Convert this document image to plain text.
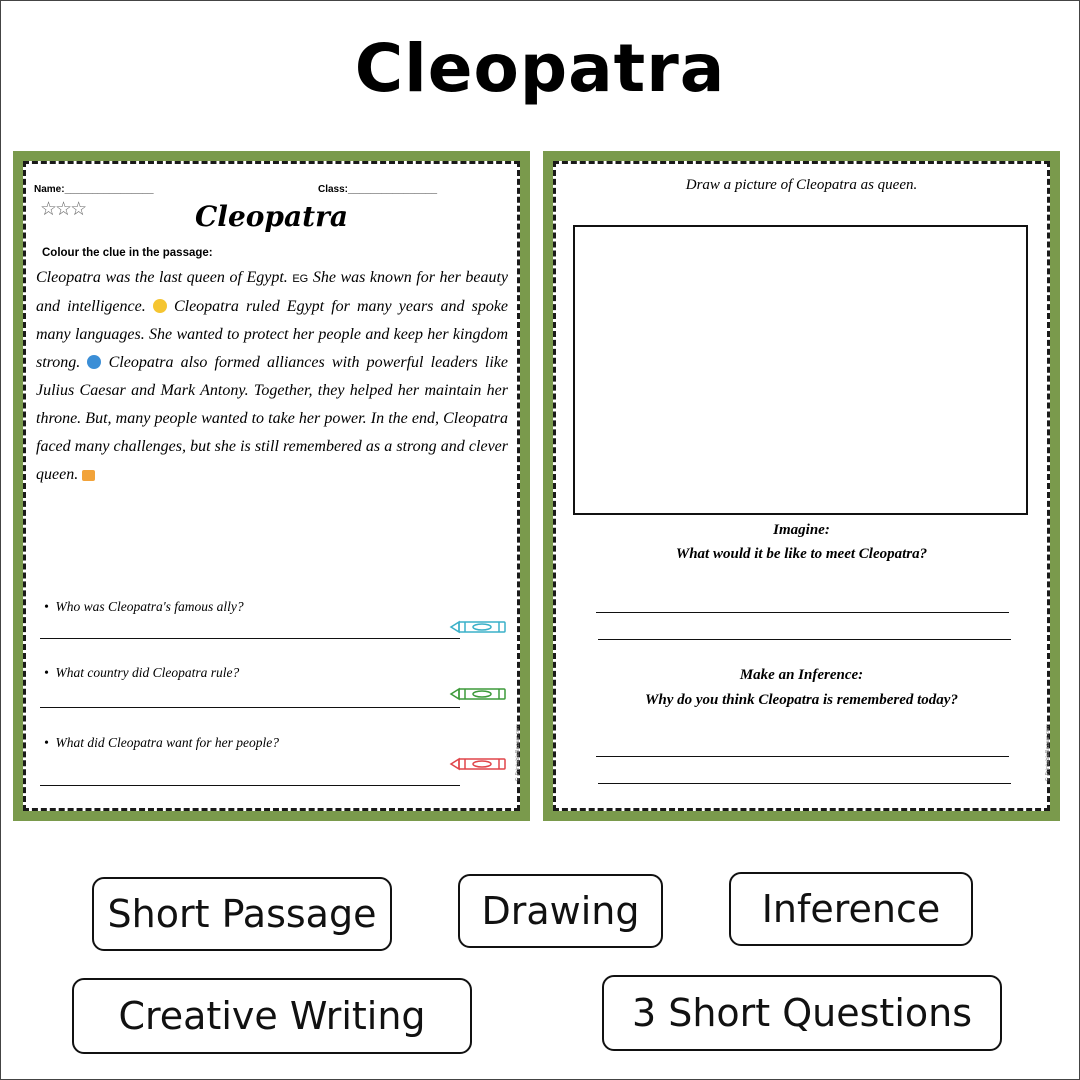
Cleopatra
Name:________________	Class:________________
☆☆☆	Cleopatra
Colour the clue in the passage:
Cleopatra was the last queen of Egypt. EG She was known for her beauty and intelligence. Cleopatra ruled Egypt for many years and spoke many languages. She wanted to protect her people and keep her kingdom strong. Cleopatra also formed alliances with powerful leaders like Julius Caesar and Mark Antony. Together, they helped her maintain her throne. But, many people wanted to take her power. In the end, Cleopatra faced many challenges, but she is still remembered as a strong and clever queen.
•  Who was Cleopatra's famous ally?
•  What country did Cleopatra rule?
•  What did Cleopatra want for her people?	© PrintableBazaar.com
Draw a picture of Cleopatra as queen.
Imagine:
What would it be like to meet Cleopatra?
Make an Inference:
Why do you think Cleopatra is remembered today?
© PrintableBazaar.com
Short Passage	Drawing	Inference
Creative Writing	3 Short Questions
